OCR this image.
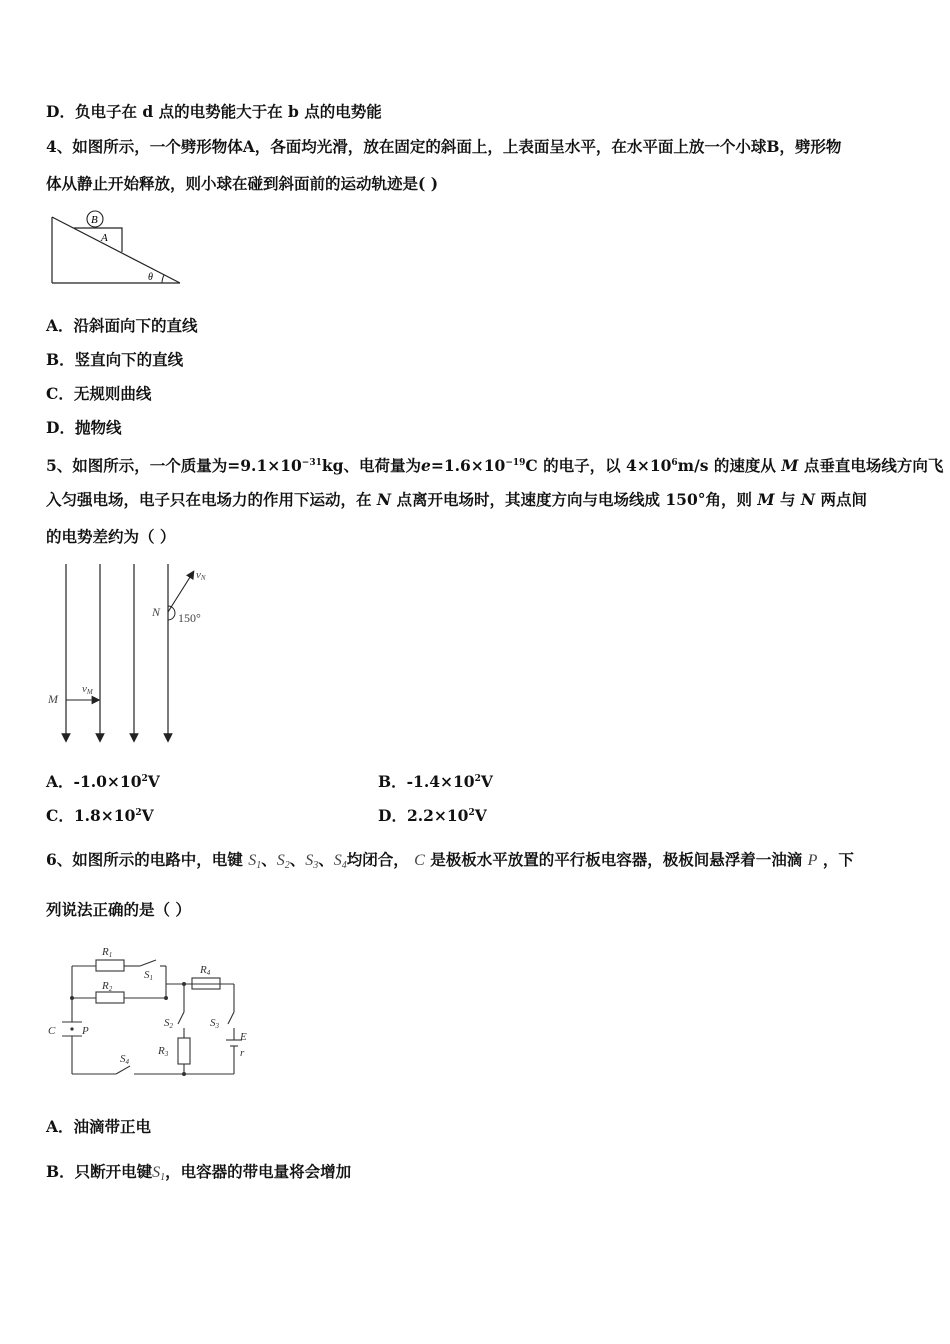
D．负电子在 d 点的电势能大于在 b 点的电势能
4、如图所示，一个劈形物体A，各面均光滑，放在固定的斜面上，上表面呈水平，在水平面上放一个小球B，劈形物
体从静止开始释放，则小球在碰到斜面前的运动轨迹是( )
B
A
θ
A．沿斜面向下的直线
B．竖直向下的直线
C．无规则曲线
D．抛物线
5、如图所示，一个质量为$=9.1\times 10^{-31}kg$、电荷量为$e=1.6\times 10^{-19}C$ 的电子，以 $4\times 10^6m/s$ 的速度从 M 点垂直电场线方向飞
入匀强电场，电子只在电场力的作用下运动，在 N 点离开电场时，其速度方向与电场线成 150°角，则 M 与 N 两点间
的电势差约为（ ）
vN
N 150°
M
vM
A．$-1.0\times 10^2V$	B．$-1.4\times 10^2V$
C．$1.8\times 10^2V$	D．$2.2\times 10^2V$
6、如图所示的电路中，电键 $S_1$、$S_2$、$S_3$、$S_4$均闭合， C 是极板水平放置的平行板电容器，极板间悬浮着一油滴 P ，下
列说法正确的是（ ）
R1
R2
S1
R4
S2	S3
R3
S4
C P	E
r
A．油滴带正电
B．只断开电键$S_1$，电容器的带电量将会增加
